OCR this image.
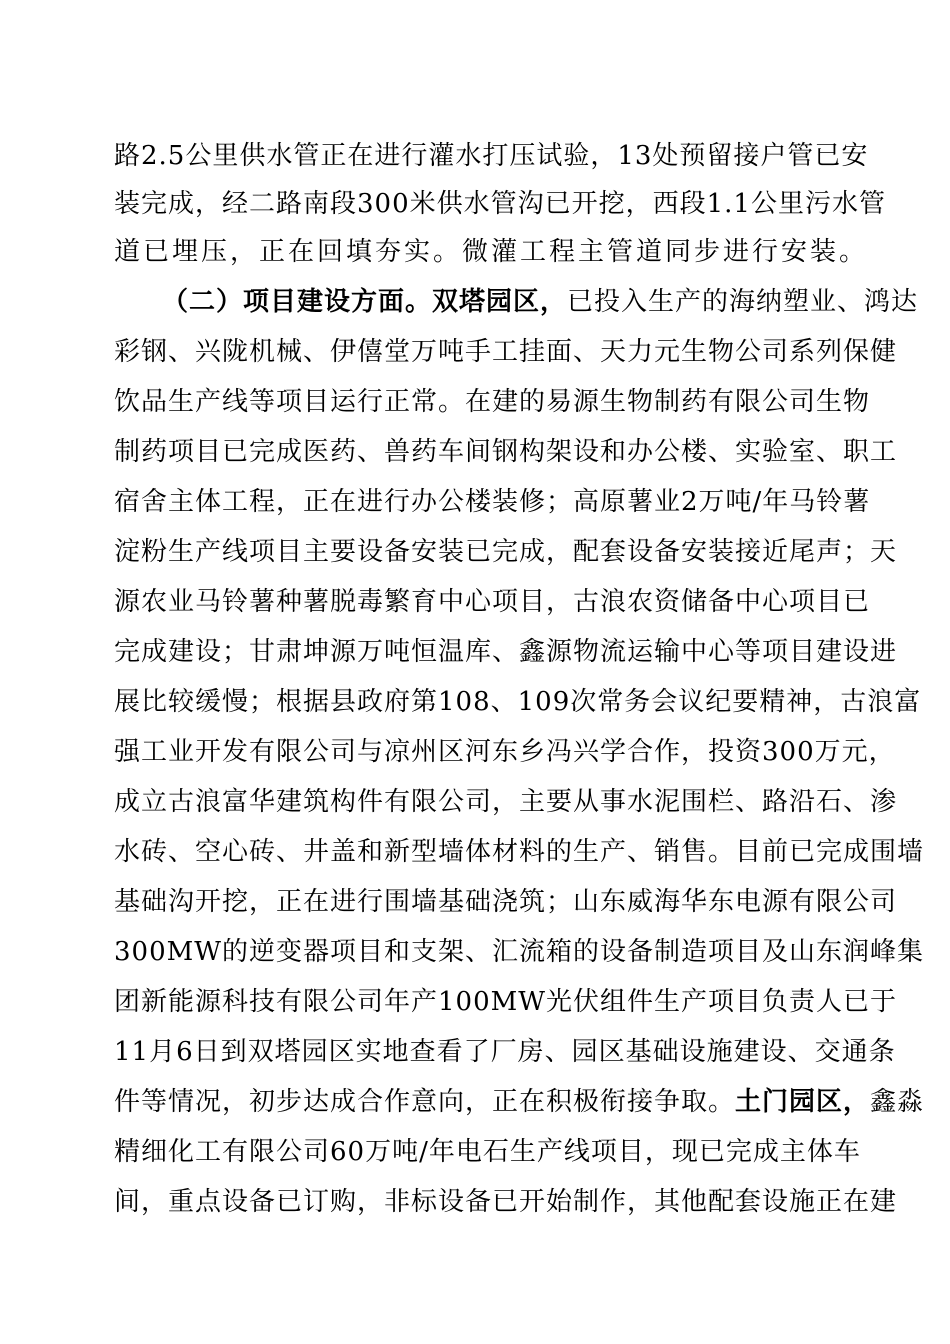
路2.5公里供水管正在进行灌水打压试验，13处预留接户管已安
装完成，经二路南段300米供水管沟已开挖，西段1.1公里污水管
道已埋压，正在回填夯实。微灌工程主管道同步进行安装。
（二）项目建设方面。双塔园区，已投入生产的海纳塑业、鸿达
彩钢、兴陇机械、伊僖堂万吨手工挂面、天力元生物公司系列保健
饮品生产线等项目运行正常。在建的易源生物制药有限公司生物
制药项目已完成医药、兽药车间钢构架设和办公楼、实验室、职工
宿舍主体工程，正在进行办公楼装修；高原薯业2万吨/年马铃薯
淀粉生产线项目主要设备安装已完成，配套设备安装接近尾声；天
源农业马铃薯种薯脱毒繁育中心项目，古浪农资储备中心项目已
完成建设；甘肃坤源万吨恒温库、鑫源物流运输中心等项目建设进
展比较缓慢；根据县政府第108、109次常务会议纪要精神，古浪富
强工业开发有限公司与凉州区河东乡冯兴学合作，投资300万元，
成立古浪富华建筑构件有限公司，主要从事水泥围栏、路沿石、渗
水砖、空心砖、井盖和新型墙体材料的生产、销售。目前已完成围墙
基础沟开挖，正在进行围墙基础浇筑；山东威海华东电源有限公司
300MW的逆变器项目和支架、汇流箱的设备制造项目及山东润峰集
团新能源科技有限公司年产100MW光伏组件生产项目负责人已于
11月6日到双塔园区实地查看了厂房、园区基础设施建设、交通条
件等情况，初步达成合作意向，正在积极衔接争取。土门园区，鑫淼
精细化工有限公司60万吨/年电石生产线项目，现已完成主体车
间，重点设备已订购，非标设备已开始制作，其他配套设施正在建
